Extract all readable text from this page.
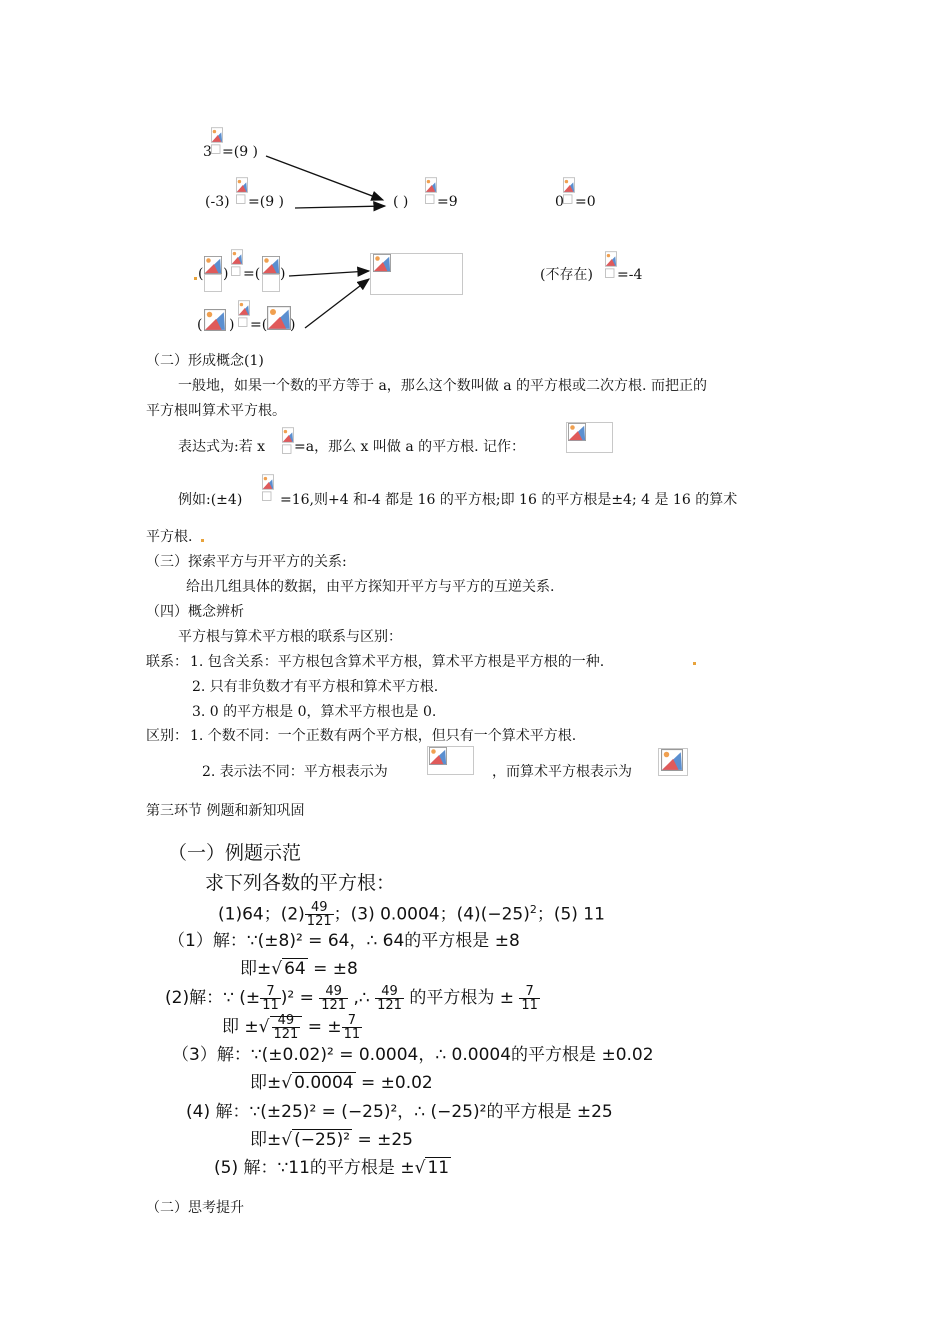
3 =(9 )
(-3) =(9 )	( ) =9	0 =0
( ) =( )
( ) =( )
(不存在) =-4
（二）形成概念(1)
一般地，如果一个数的平方等于 a，那么这个数叫做 a 的平方根或二次方根. 而把正的
平方根叫算术平方根。
表达式为:若 x =a，那么 x 叫做 a 的平方根. 记作：
例如:(±4)	=16,则+4 和-4 都是 16 的平方根;即 16 的平方根是±4; 4 是 16 的算术
平方根.
（三）探索平方与开平方的关系:
给出几组具体的数据，由平方探知开平方与平方的互逆关系.
（四）概念辨析
平方根与算术平方根的联系与区别：
联系： 1. 包含关系：平方根包含算术平方根，算术平方根是平方根的一种.
2. 只有非负数才有平方根和算术平方根.
3. 0 的平方根是 0，算术平方根也是 0.
区别： 1. 个数不同：一个正数有两个平方根，但只有一个算术平方根.
2. 表示法不同：平方根表示为	，而算术平方根表示为
第三环节 例题和新知巩固
（一）例题示范
求下列各数的平方根：
(1)64；$(2) \frac{49}{121}$ ；(3) 0.0004；$(4)(-25)^2$；(5) 11
（1）解：∵(±8)² = 64，∴ 64的平方根是 ±8
即±√ 64 = ±8
(2)解：∵ (± $\frac{7}{11} )^2 = \frac{49}{121}$ ,∴ $\frac{49}{121}$ 的平方根为 ± $\frac{7}{11}$
即 ±√ $\frac{49}{121}$ = ± $\frac{7}{11}$
（3）解：∵(±0.02)² = 0.0004，∴ 0.0004的平方根是 ±0.02
即±√ 0.0004 = ±0.02
(4) 解：∵(±25)² = (−25)²，∴ (−25)²的平方根是 ±25
即±√ (−25)² = ±25
(5) 解：∵11的平方根是 ±√ 11
（二）思考提升
